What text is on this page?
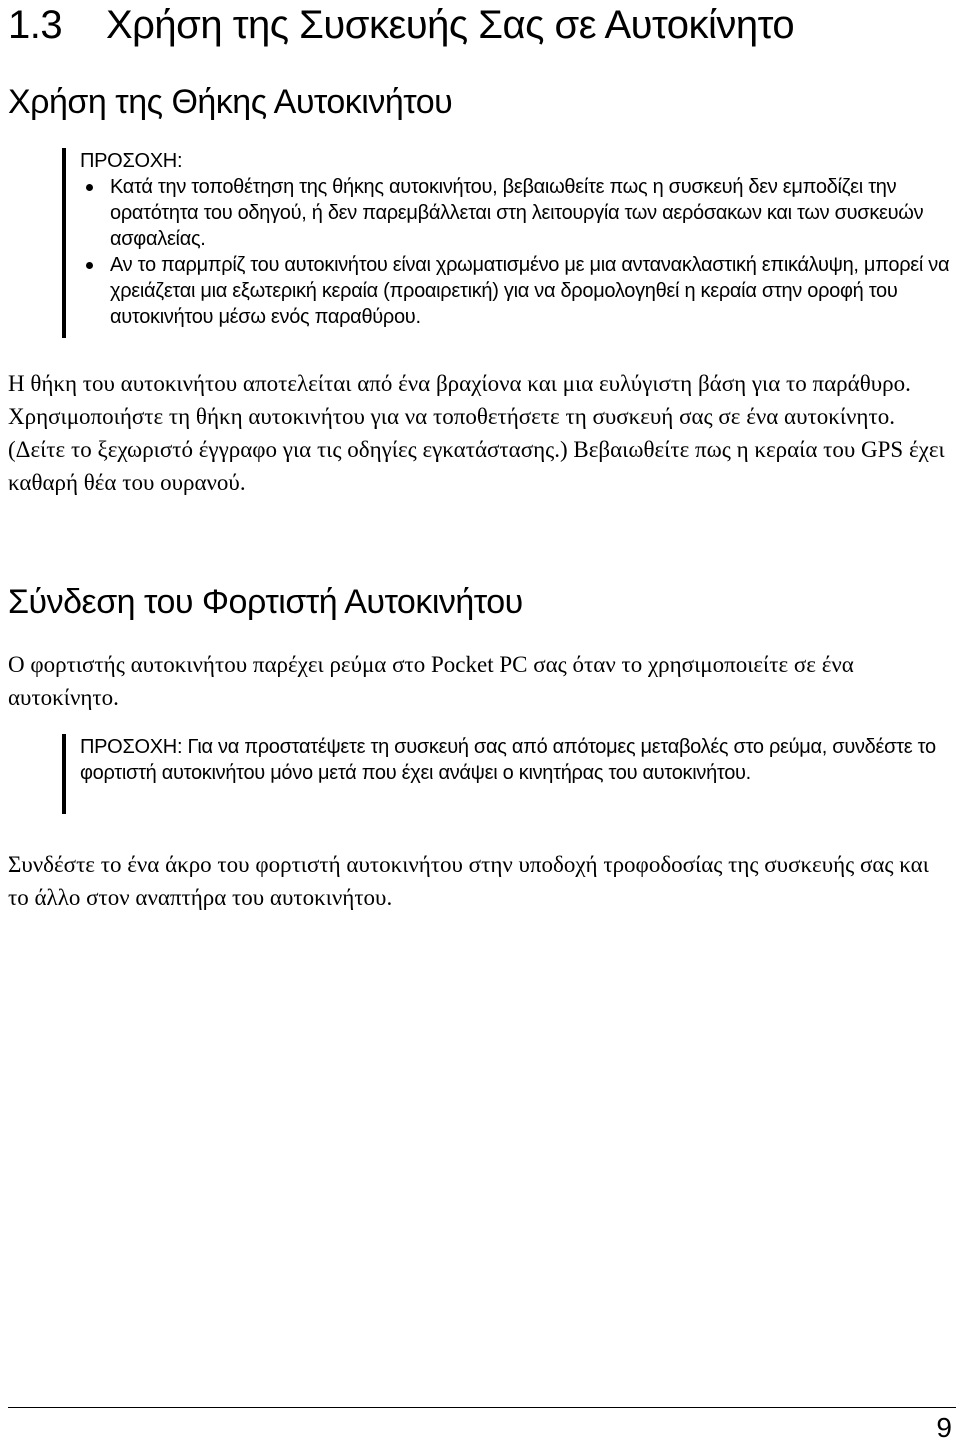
1.3 Χρήση της Συσκευής Σας σε Αυτοκίνητο
Χρήση της Θήκης Αυτοκινήτου
ΠΡΟΣΟΧΗ:
Κατά την τοποθέτηση της θήκης αυτοκινήτου, βεβαιωθείτε πως η συσκευή δεν εμποδίζει την ορατότητα του οδηγού, ή δεν παρεμβάλλεται στη λειτουργία των αερόσακων και των συσκευών ασφαλείας.
Αν το παρμπρίζ του αυτοκινήτου είναι χρωματισμένο με μια αντανακλαστική επικάλυψη, μπορεί να χρειάζεται μια εξωτερική κεραία (προαιρετική) για να δρομολογηθεί η κεραία στην οροφή του αυτοκινήτου μέσω ενός παραθύρου.

Η θήκη του αυτοκινήτου αποτελείται από ένα βραχίονα και μια ευλύγιστη βάση για το παράθυρο. Χρησιμοποιήστε τη θήκη αυτοκινήτου για να τοποθετήσετε τη συσκευή σας σε ένα αυτοκίνητο. (Δείτε το ξεχωριστό έγγραφο για τις οδηγίες εγκατάστασης.) Βεβαιωθείτε πως η κεραία του GPS έχει καθαρή θέα του ουρανού.

Σύνδεση του Φορτιστή Αυτοκινήτου

Ο φορτιστής αυτοκινήτου παρέχει ρεύμα στο Pocket PC σας όταν το χρησιμοποιείτε σε ένα αυτοκίνητο.

ΠΡΟΣΟΧΗ: Για να προστατέψετε τη συσκευή σας από απότομες μεταβολές στο ρεύμα, συνδέστε το φορτιστή αυτοκινήτου μόνο μετά που έχει ανάψει ο κινητήρας του αυτοκινήτου.

Συνδέστε το ένα άκρο του φορτιστή αυτοκινήτου στην υποδοχή τροφοδοσίας της συσκευής σας και το άλλο στον αναπτήρα του αυτοκινήτου.

9
